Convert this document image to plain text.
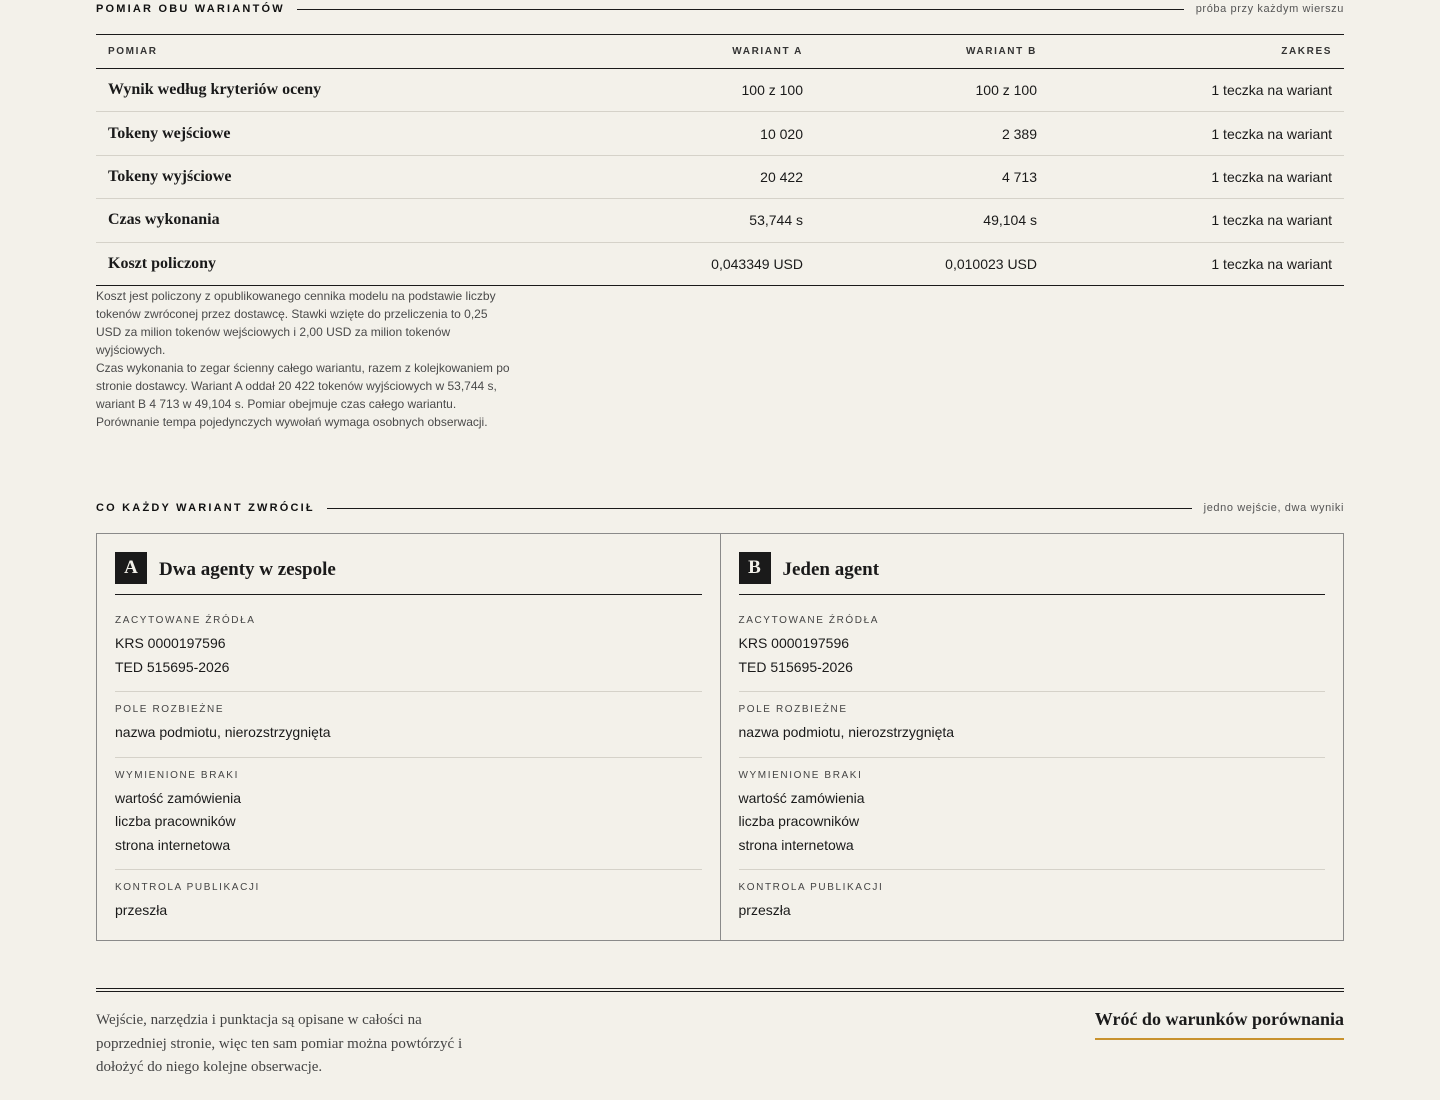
POMIAR OBU WARIANTÓW	próba przy każdym wierszu
POMIAR	WARIANT A	WARIANT B	ZAKRES
Wynik według kryteriów oceny	100 z 100	100 z 100	1 teczka na wariant
Tokeny wejściowe	10 020	2 389	1 teczka na wariant
Tokeny wyjściowe	20 422	4 713	1 teczka na wariant
Czas wykonania	53,744 s	49,104 s	1 teczka na wariant
Koszt policzony	0,043349 USD	0,010023 USD	1 teczka na wariant

Koszt jest policzony z opublikowanego cennika modelu na podstawie liczby tokenów zwróconej przez dostawcę. Stawki wzięte do przeliczenia to 0,25 USD za milion tokenów wejściowych i 2,00 USD za milion tokenów wyjściowych.

Czas wykonania to zegar ścienny całego wariantu, razem z kolejkowaniem po stronie dostawcy. Wariant A oddał 20 422 tokenów wyjściowych w 53,744 s, wariant B 4 713 w 49,104 s. Pomiar obejmuje czas całego wariantu. Porównanie tempa pojedynczych wywołań wymaga osobnych obserwacji.

CO KAŻDY WARIANT ZWRÓCIŁ	jedno wejście, dwa wyniki
A	Dwa agenty w zespole
ZACYTOWANE ŹRÓDŁA
KRS 0000197596
TED 515695-2026
POLE ROZBIEŻNE
nazwa podmiotu, nierozstrzygnięta
WYMIENIONE BRAKI
wartość zamówienia
liczba pracowników
strona internetowa
KONTROLA PUBLIKACJI
przeszła
B	Jeden agent
ZACYTOWANE ŹRÓDŁA
KRS 0000197596
TED 515695-2026
POLE ROZBIEŻNE
nazwa podmiotu, nierozstrzygnięta
WYMIENIONE BRAKI
wartość zamówienia
liczba pracowników
strona internetowa
KONTROLA PUBLIKACJI
przeszła

Wejście, narzędzia i punktacja są opisane w całości na poprzedniej stronie, więc ten sam pomiar można powtórzyć i dołożyć do niego kolejne obserwacje.

Wróć do warunków porównania
